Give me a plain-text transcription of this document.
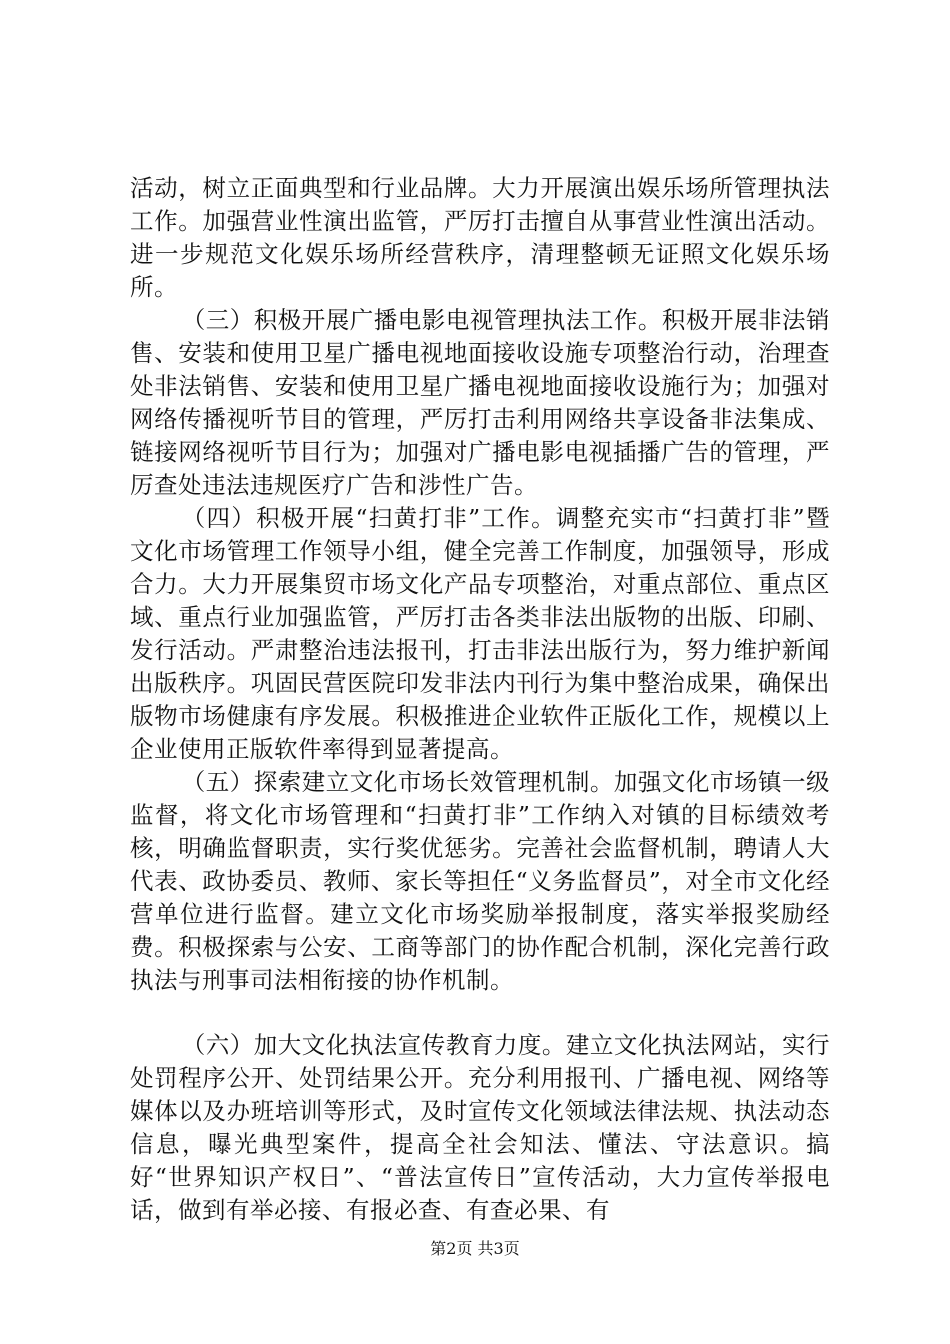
活动，树立正面典型和行业品牌。大力开展演出娱乐场所管理执法工作。加强营业性演出监管，严厉打击擅自从事营业性演出活动。进一步规范文化娱乐场所经营秩序，清理整顿无证照文化娱乐场所。

（三）积极开展广播电影电视管理执法工作。积极开展非法销售、安装和使用卫星广播电视地面接收设施专项整治行动，治理查处非法销售、安装和使用卫星广播电视地面接收设施行为；加强对网络传播视听节目的管理，严厉打击利用网络共享设备非法集成、链接网络视听节目行为；加强对广播电影电视插播广告的管理，严厉查处违法违规医疗广告和涉性广告。

（四）积极开展“扫黄打非”工作。调整充实市“扫黄打非”暨文化市场管理工作领导小组，健全完善工作制度，加强领导，形成合力。大力开展集贸市场文化产品专项整治，对重点部位、重点区域、重点行业加强监管，严厉打击各类非法出版物的出版、印刷、发行活动。严肃整治违法报刊，打击非法出版行为，努力维护新闻出版秩序。巩固民营医院印发非法内刊行为集中整治成果，确保出版物市场健康有序发展。积极推进企业软件正版化工作，规模以上企业使用正版软件率得到显著提高。

（五）探索建立文化市场长效管理机制。加强文化市场镇一级监督，将文化市场管理和“扫黄打非”工作纳入对镇的目标绩效考核，明确监督职责，实行奖优惩劣。完善社会监督机制，聘请人大代表、政协委员、教师、家长等担任“义务监督员”，对全市文化经营单位进行监督。建立文化市场奖励举报制度，落实举报奖励经费。积极探索与公安、工商等部门的协作配合机制，深化完善行政执法与刑事司法相衔接的协作机制。

（六）加大文化执法宣传教育力度。建立文化执法网站，实行处罚程序公开、处罚结果公开。充分利用报刊、广播电视、网络等媒体以及办班培训等形式，及时宣传文化领域法律法规、执法动态信息，曝光典型案件，提高全社会知法、懂法、守法意识。搞好“世界知识产权日”、“普法宣传日”宣传活动，大力宣传举报电话，做到有举必接、有报必查、有查必果、有

第2页 共3页
